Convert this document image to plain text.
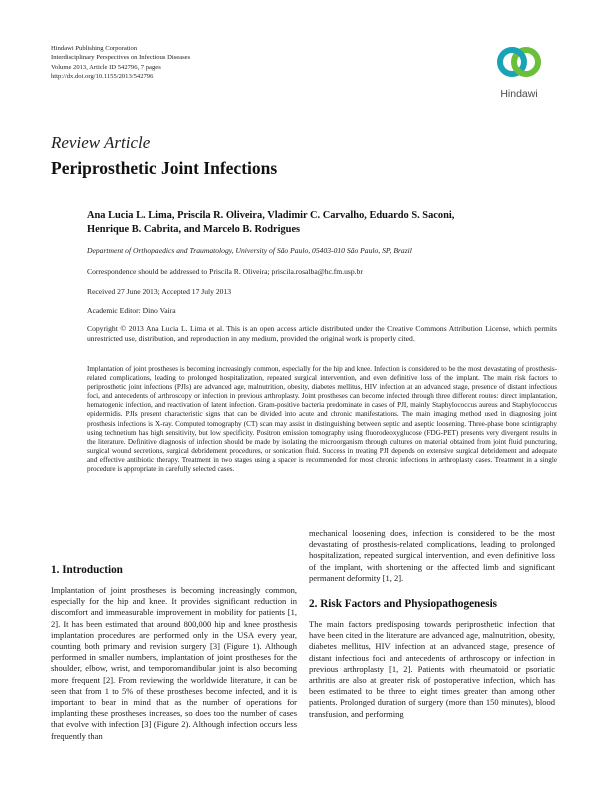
Hindawi Publishing Corporation
Interdisciplinary Perspectives on Infectious Diseases
Volume 2013, Article ID 542796, 7 pages
http://dx.doi.org/10.1155/2013/542796
Hindawi
Review Article
Periprosthetic Joint Infections
Ana Lucia L. Lima, Priscila R. Oliveira, Vladimir C. Carvalho, Eduardo S. Saconi,
Henrique B. Cabrita, and Marcelo B. Rodrigues
Department of Orthopaedics and Traumatology, University of São Paulo, 05403-010 São Paulo, SP, Brazil
Correspondence should be addressed to Priscila R. Oliveira; priscila.rosalba@hc.fm.usp.br
Received 27 June 2013; Accepted 17 July 2013
Academic Editor: Dino Vaira
Copyright © 2013 Ana Lucia L. Lima et al. This is an open access article distributed under the Creative Commons Attribution License, which permits unrestricted use, distribution, and reproduction in any medium, provided the original work is properly cited.
Implantation of joint prostheses is becoming increasingly common, especially for the hip and knee. Infection is considered to be the most devastating of prosthesis-related complications, leading to prolonged hospitalization, repeated surgical intervention, and even definitive loss of the implant. The main risk factors to periprosthetic joint infections (PJIs) are advanced age, malnutrition, obesity, diabetes mellitus, HIV infection at an advanced stage, presence of distant infectious foci, and antecedents of arthroscopy or infection in previous arthroplasty. Joint prostheses can become infected through three different routes: direct implantation, hematogenic infection, and reactivation of latent infection. Gram-positive bacteria predominate in cases of PJI, mainly Staphylococcus aureus and Staphylococcus epidermidis. PJIs present characteristic signs that can be divided into acute and chronic manifestations. The main imaging method used in diagnosing joint prosthesis infections is X-ray. Computed tomography (CT) scan may assist in distinguishing between septic and aseptic loosening. Three-phase bone scintigraphy using technetium has high sensitivity, but low specificity. Positron emission tomography using fluorodeoxyglucose (FDG-PET) presents very divergent results in the literature. Definitive diagnosis of infection should be made by isolating the microorganism through cultures on material obtained from joint fluid puncturing, surgical wound secretions, surgical debridement procedures, or sonication fluid. Success in treating PJI depends on extensive surgical debridement and adequate and effective antibiotic therapy. Treatment in two stages using a spacer is recommended for most chronic infections in arthroplasty cases. Treatment in a single procedure is appropriate in carefully selected cases.
1. Introduction

Implantation of joint prostheses is becoming increasingly common, especially for the hip and knee. It provides significant reduction in discomfort and immeasurable improvement in mobility for patients [1, 2]. It has been estimated that around 800,000 hip and knee prosthesis implantation procedures are performed only in the USA every year, counting both primary and revision surgery [3] (Figure 1). Although performed in smaller numbers, implantation of joint prostheses for the shoulder, elbow, wrist, and temporomandibular joint is also becoming more frequent [2]. From reviewing the worldwide literature, it can be seen that from 1 to 5% of these prostheses become infected, and it is important to bear in mind that as the number of operations for implanting these prostheses increases, so does too the number of cases that evolve with infection [3] (Figure 2). Although infection occurs less frequently than

mechanical loosening does, infection is considered to be the most devastating of prosthesis-related complications, leading to prolonged hospitalization, repeated surgical intervention, and even definitive loss of the implant, with shortening or the affected limb and significant permanent deformity [1, 2].

2. Risk Factors and Physiopathogenesis

The main factors predisposing towards periprosthetic infection that have been cited in the literature are advanced age, malnutrition, obesity, diabetes mellitus, HIV infection at an advanced stage, presence of distant infectious foci and antecedents of arthroscopy or infection in previous arthroplasty [1, 2]. Patients with rheumatoid or psoriatic arthritis are also at greater risk of postoperative infection, which has been estimated to be three to eight times greater than among other patients. Prolonged duration of surgery (more than 150 minutes), blood transfusion, and performing
